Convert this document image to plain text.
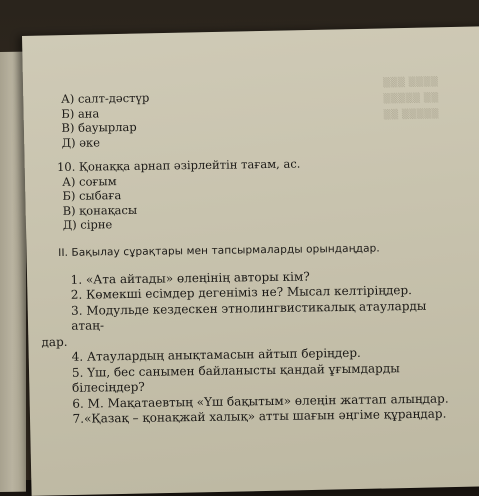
▒▒▒ ▒▒▒▒
▒▒▒▒▒ ▒▒
▒▒ ▒▒▒▒▒
А) салт-дәстүр
Б) ана
В) бауырлар
Д) әке
10. Қонаққа арнап әзірлейтін тағам, ас.
А) соғым
Б) сыбаға
В) қонақасы
Д) сірне
II. Бақылау сұрақтары мен тапсырмаларды орындаңдар.
1. «Ата айтады» өлеңінің авторы кім?
2. Көмекші есімдер дегеніміз не? Мысал келтіріңдер.
3. Модульде кездескен этнолингвистикалық атауларды атаң-
дар.
4. Атаулардың анықтамасын айтып беріңдер.
5. Үш, бес санымен байланысты қандай ұғымдарды білесіңдер?
6. М. Мақатаевтың «Үш бақытым» өлеңін жаттап алыңдар.
7.«Қазақ – қонақжай халық» атты шағын әңгіме құраңдар.
